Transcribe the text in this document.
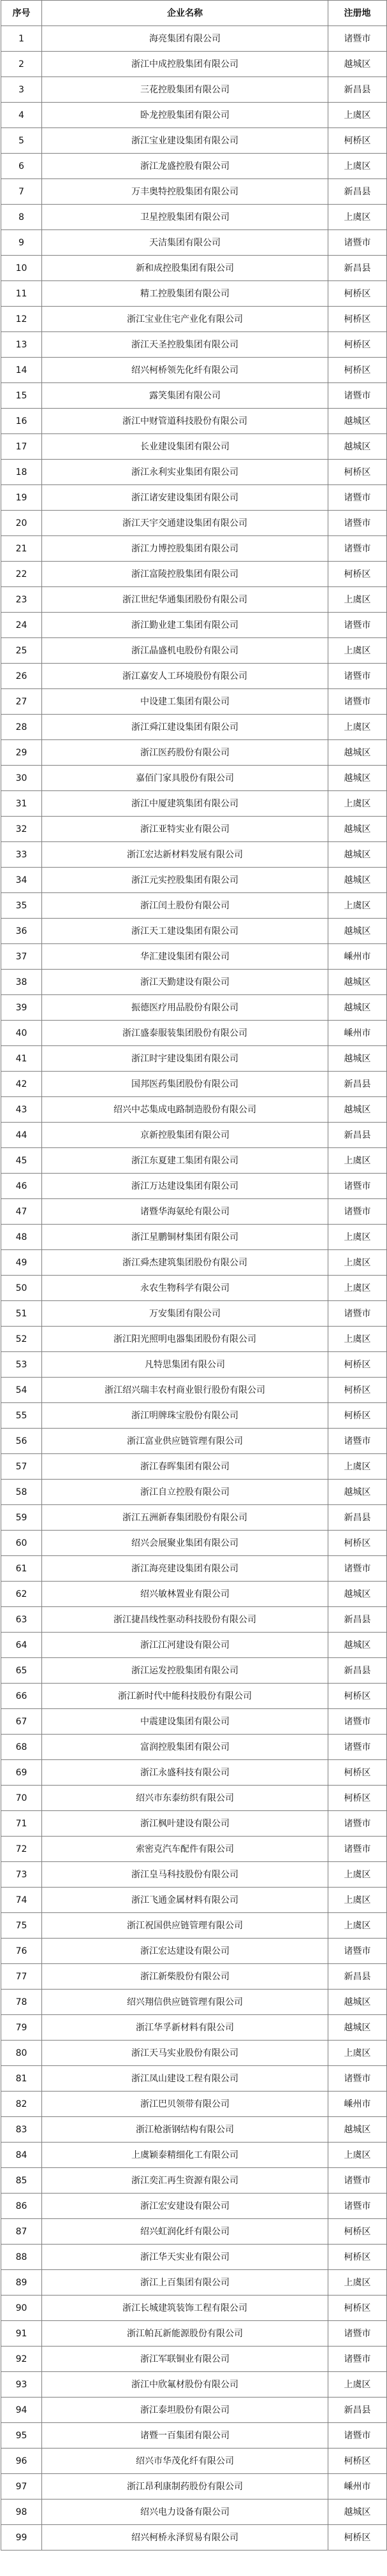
序号	企业名称	注册地
1	海亮集团有限公司	诸暨市
2	浙江中成控股集团有限公司	越城区
3	三花控股集团有限公司	新昌县
4	卧龙控股集团有限公司	上虞区
5	浙江宝业建设集团有限公司	柯桥区
6	浙江龙盛控股有限公司	上虞区
7	万丰奥特控股集团有限公司	新昌县
8	卫星控股集团有限公司	上虞区
9	天洁集团有限公司	诸暨市
10	新和成控股集团有限公司	新昌县
11	精工控股集团有限公司	柯桥区
12	浙江宝业住宅产业化有限公司	柯桥区
13	浙江天圣控股集团有限公司	柯桥区
14	绍兴柯桥领先化纤有限公司	柯桥区
15	露笑集团有限公司	诸暨市
16	浙江中财管道科技股份有限公司	越城区
17	长业建设集团有限公司	越城区
18	浙江永利实业集团有限公司	柯桥区
19	浙江诸安建设集团有限公司	诸暨市
20	浙江天宇交通建设集团有限公司	诸暨市
21	浙江力博控股集团有限公司	诸暨市
22	浙江富陵控股集团有限公司	柯桥区
23	浙江世纪华通集团股份有限公司	上虞区
24	浙江勤业建工集团有限公司	诸暨市
25	浙江晶盛机电股份有限公司	上虞区
26	浙江嘉安人工环境股份有限公司	诸暨市
27	中设建工集团有限公司	诸暨市
28	浙江舜江建设集团有限公司	上虞区
29	浙江医药股份有限公司	越城区
30	嘉佰门家具股份有限公司	越城区
31	浙江中厦建筑集团有限公司	上虞区
32	浙江亚特实业有限公司	越城区
33	浙江宏达新材料发展有限公司	越城区
34	浙江元实控股集团有限公司	越城区
35	浙江闰土股份有限公司	上虞区
36	浙江天工建设集团有限公司	越城区
37	华汇建设集团有限公司	嵊州市
38	浙江天勤建设有限公司	越城区
39	振德医疗用品股份有限公司	越城区
40	浙江盛泰服装集团股份有限公司	嵊州市
41	浙江时宇建设集团有限公司	越城区
42	国邦医药集团股份有限公司	新昌县
43	绍兴中芯集成电路制造股份有限公司	越城区
44	京新控股集团有限公司	新昌县
45	浙江东夏建工集团有限公司	上虞区
46	浙江万达建设集团有限公司	诸暨市
47	诸暨华海氨纶有限公司	诸暨市
48	浙江星鹏铜材集团有限公司	上虞区
49	浙江舜杰建筑集团股份有限公司	上虞区
50	永农生物科学有限公司	上虞区
51	万安集团有限公司	诸暨市
52	浙江阳光照明电器集团股份有限公司	上虞区
53	凡特思集团有限公司	柯桥区
54	浙江绍兴瑞丰农村商业银行股份有限公司	柯桥区
55	浙江明牌珠宝股份有限公司	柯桥区
56	浙江富业供应链管理有限公司	诸暨市
57	浙江春晖集团有限公司	上虞区
58	浙江自立控股有限公司	越城区
59	浙江五洲新春集团股份有限公司	新昌县
60	绍兴会展聚业集团有限公司	柯桥区
61	浙江海亮建设集团有限公司	诸暨市
62	绍兴敏林置业有限公司	越城区
63	浙江捷昌线性驱动科技股份有限公司	新昌县
64	浙江江河建设有限公司	越城区
65	浙江运发控股集团有限公司	新昌县
66	浙江新时代中能科技股份有限公司	柯桥区
67	中震建设集团有限公司	诸暨市
68	富润控股集团有限公司	诸暨市
69	浙江永盛科技有限公司	柯桥区
70	绍兴市东泰纺织有限公司	柯桥区
71	浙江枫叶建设有限公司	诸暨市
72	索密克汽车配件有限公司	诸暨市
73	浙江皇马科技股份有限公司	上虞区
74	浙江飞通金属材料有限公司	上虞区
75	浙江祝国供应链管理有限公司	上虞区
76	浙江宏达建设有限公司	诸暨市
77	浙江新柴股份有限公司	新昌县
78	绍兴翔信供应链管理有限公司	越城区
79	浙江华孚新材料有限公司	越城区
80	浙江天马实业股份有限公司	上虞区
81	浙江凤山建设工程有限公司	诸暨市
82	浙江巴贝领带有限公司	嵊州市
83	浙江枪浙钢结构有限公司	越城区
84	上虞颖泰精细化工有限公司	上虞区
85	浙江奕汇再生资源有限公司	诸暨市
86	浙江宏安建设有限公司	诸暨市
87	绍兴虹润化纤有限公司	柯桥区
88	浙江华天实业有限公司	柯桥区
89	浙江上百集团有限公司	上虞区
90	浙江长城建筑装饰工程有限公司	柯桥区
91	浙江帕瓦新能源股份有限公司	诸暨市
92	浙江军联铜业有限公司	诸暨市
93	浙江中欣氟材股份有限公司	上虞区
94	浙江泰坦股份有限公司	新昌县
95	诸暨一百集团有限公司	诸暨市
96	绍兴市华茂化纤有限公司	柯桥区
97	浙江昂利康制药股份有限公司	嵊州市
98	绍兴电力设备有限公司	越城区
99	绍兴柯桥永泽贸易有限公司	柯桥区
